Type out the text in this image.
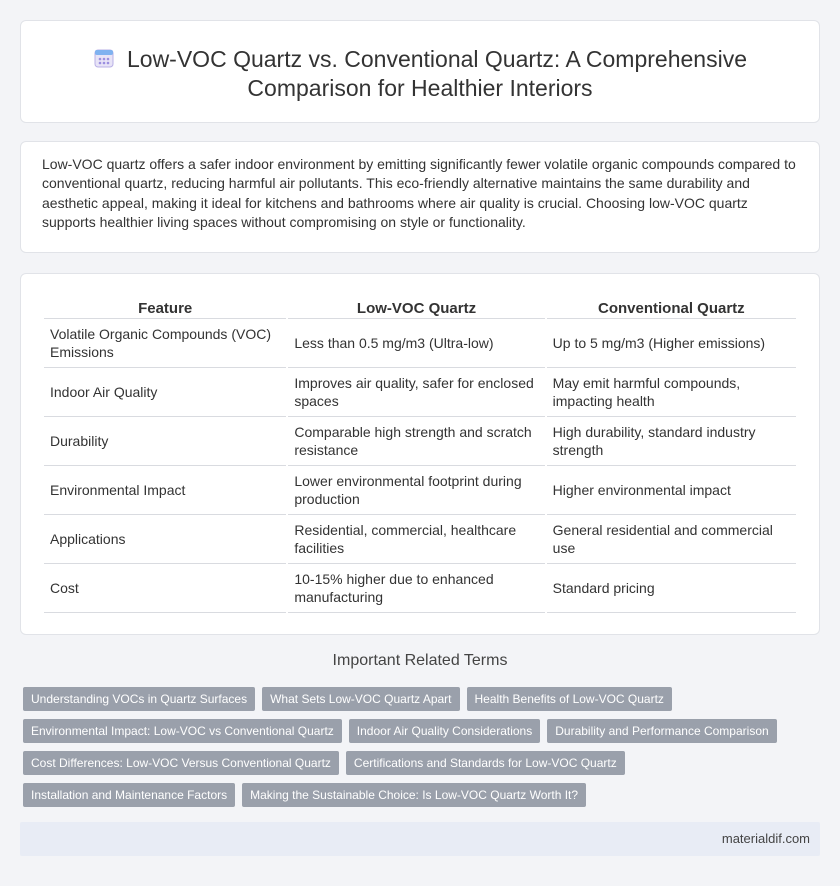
Low-VOC Quartz vs. Conventional Quartz: A Comprehensive
Comparison for Healthier Interiors

Low-VOC quartz offers a safer indoor environment by emitting significantly fewer volatile organic compounds compared to conventional quartz, reducing harmful air pollutants. This eco-friendly alternative maintains the same durability and aesthetic appeal, making it ideal for kitchens and bathrooms where air quality is crucial. Choosing low-VOC quartz supports healthier living spaces without compromising on style or functionality.

Feature	Low-VOC Quartz	Conventional Quartz
Volatile Organic Compounds (VOC) Emissions	Less than 0.5 mg/m3 (Ultra-low)	Up to 5 mg/m3 (Higher emissions)
Indoor Air Quality	Improves air quality, safer for enclosed spaces	May emit harmful compounds, impacting health
Durability	Comparable high strength and scratch resistance	High durability, standard industry strength
Environmental Impact	Lower environmental footprint during production	Higher environmental impact
Applications	Residential, commercial, healthcare facilities	General residential and commercial use
Cost	10-15% higher due to enhanced manufacturing	Standard pricing
Important Related Terms
Understanding VOCs in Quartz Surfaces	What Sets Low-VOC Quartz Apart	Health Benefits of Low-VOC Quartz
Environmental Impact: Low-VOC vs Conventional Quartz	Indoor Air Quality Considerations	Durability and Performance Comparison
Cost Differences: Low-VOC Versus Conventional Quartz	Certifications and Standards for Low-VOC Quartz
Installation and Maintenance Factors	Making the Sustainable Choice: Is Low-VOC Quartz Worth It?
materialdif.com
